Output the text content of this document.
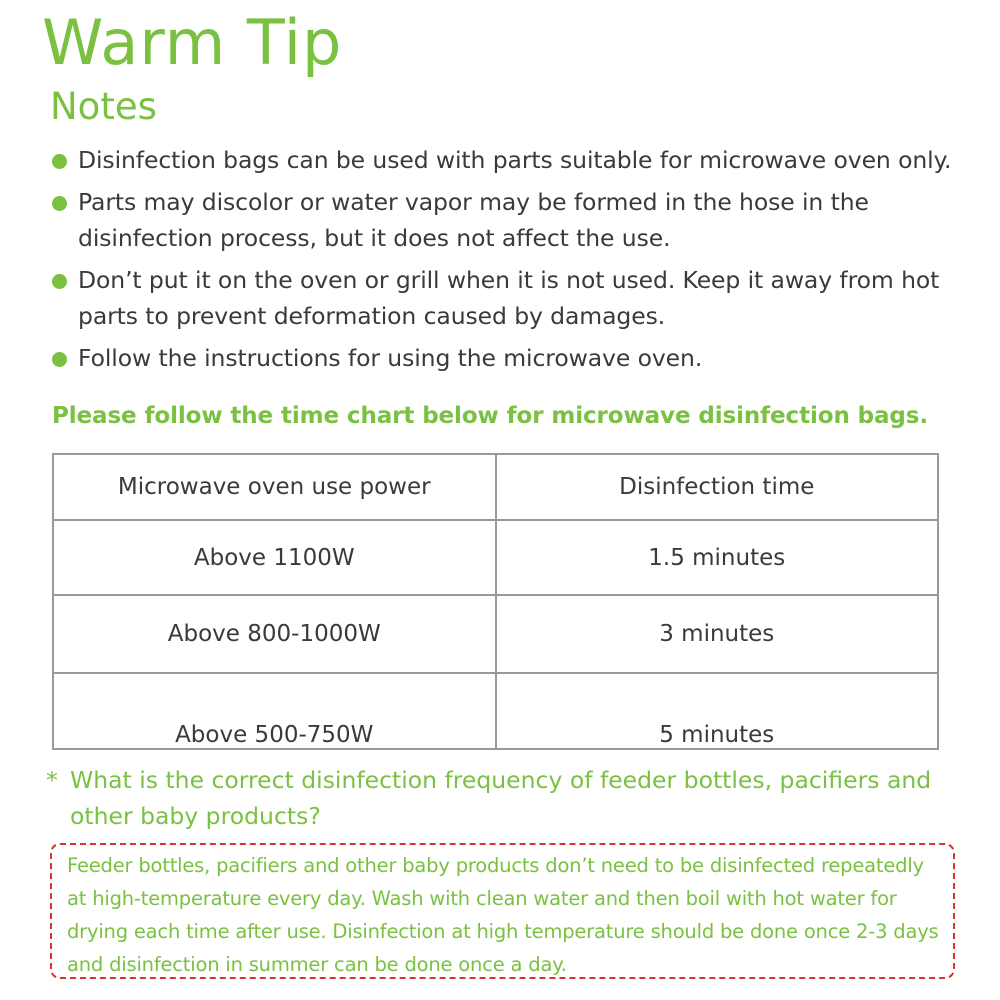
Warm Tip
Notes
Disinfection bags can be used with parts suitable for microwave oven only.
Parts may discolor or water vapor may be formed in the hose in the disinfection process, but it does not affect the use.
Don’t put it on the oven or grill when it is not used. Keep it away from hot parts to prevent deformation caused by damages.
Follow the instructions for using the microwave oven.
Please follow the time chart below for microwave disinfection bags.
Microwave oven use power	Disinfection time
Above 1100W	1.5 minutes
Above 800-1000W	3 minutes
Above 500-750W	5 minutes
* What is the correct disinfection frequency of feeder bottles, pacifiers and other baby products?
Feeder bottles, pacifiers and other baby products don’t need to be disinfected repeatedly at high-temperature every day. Wash with clean water and then boil with hot water for drying each time after use. Disinfection at high temperature should be done once 2-3 days and disinfection in summer can be done once a day.
